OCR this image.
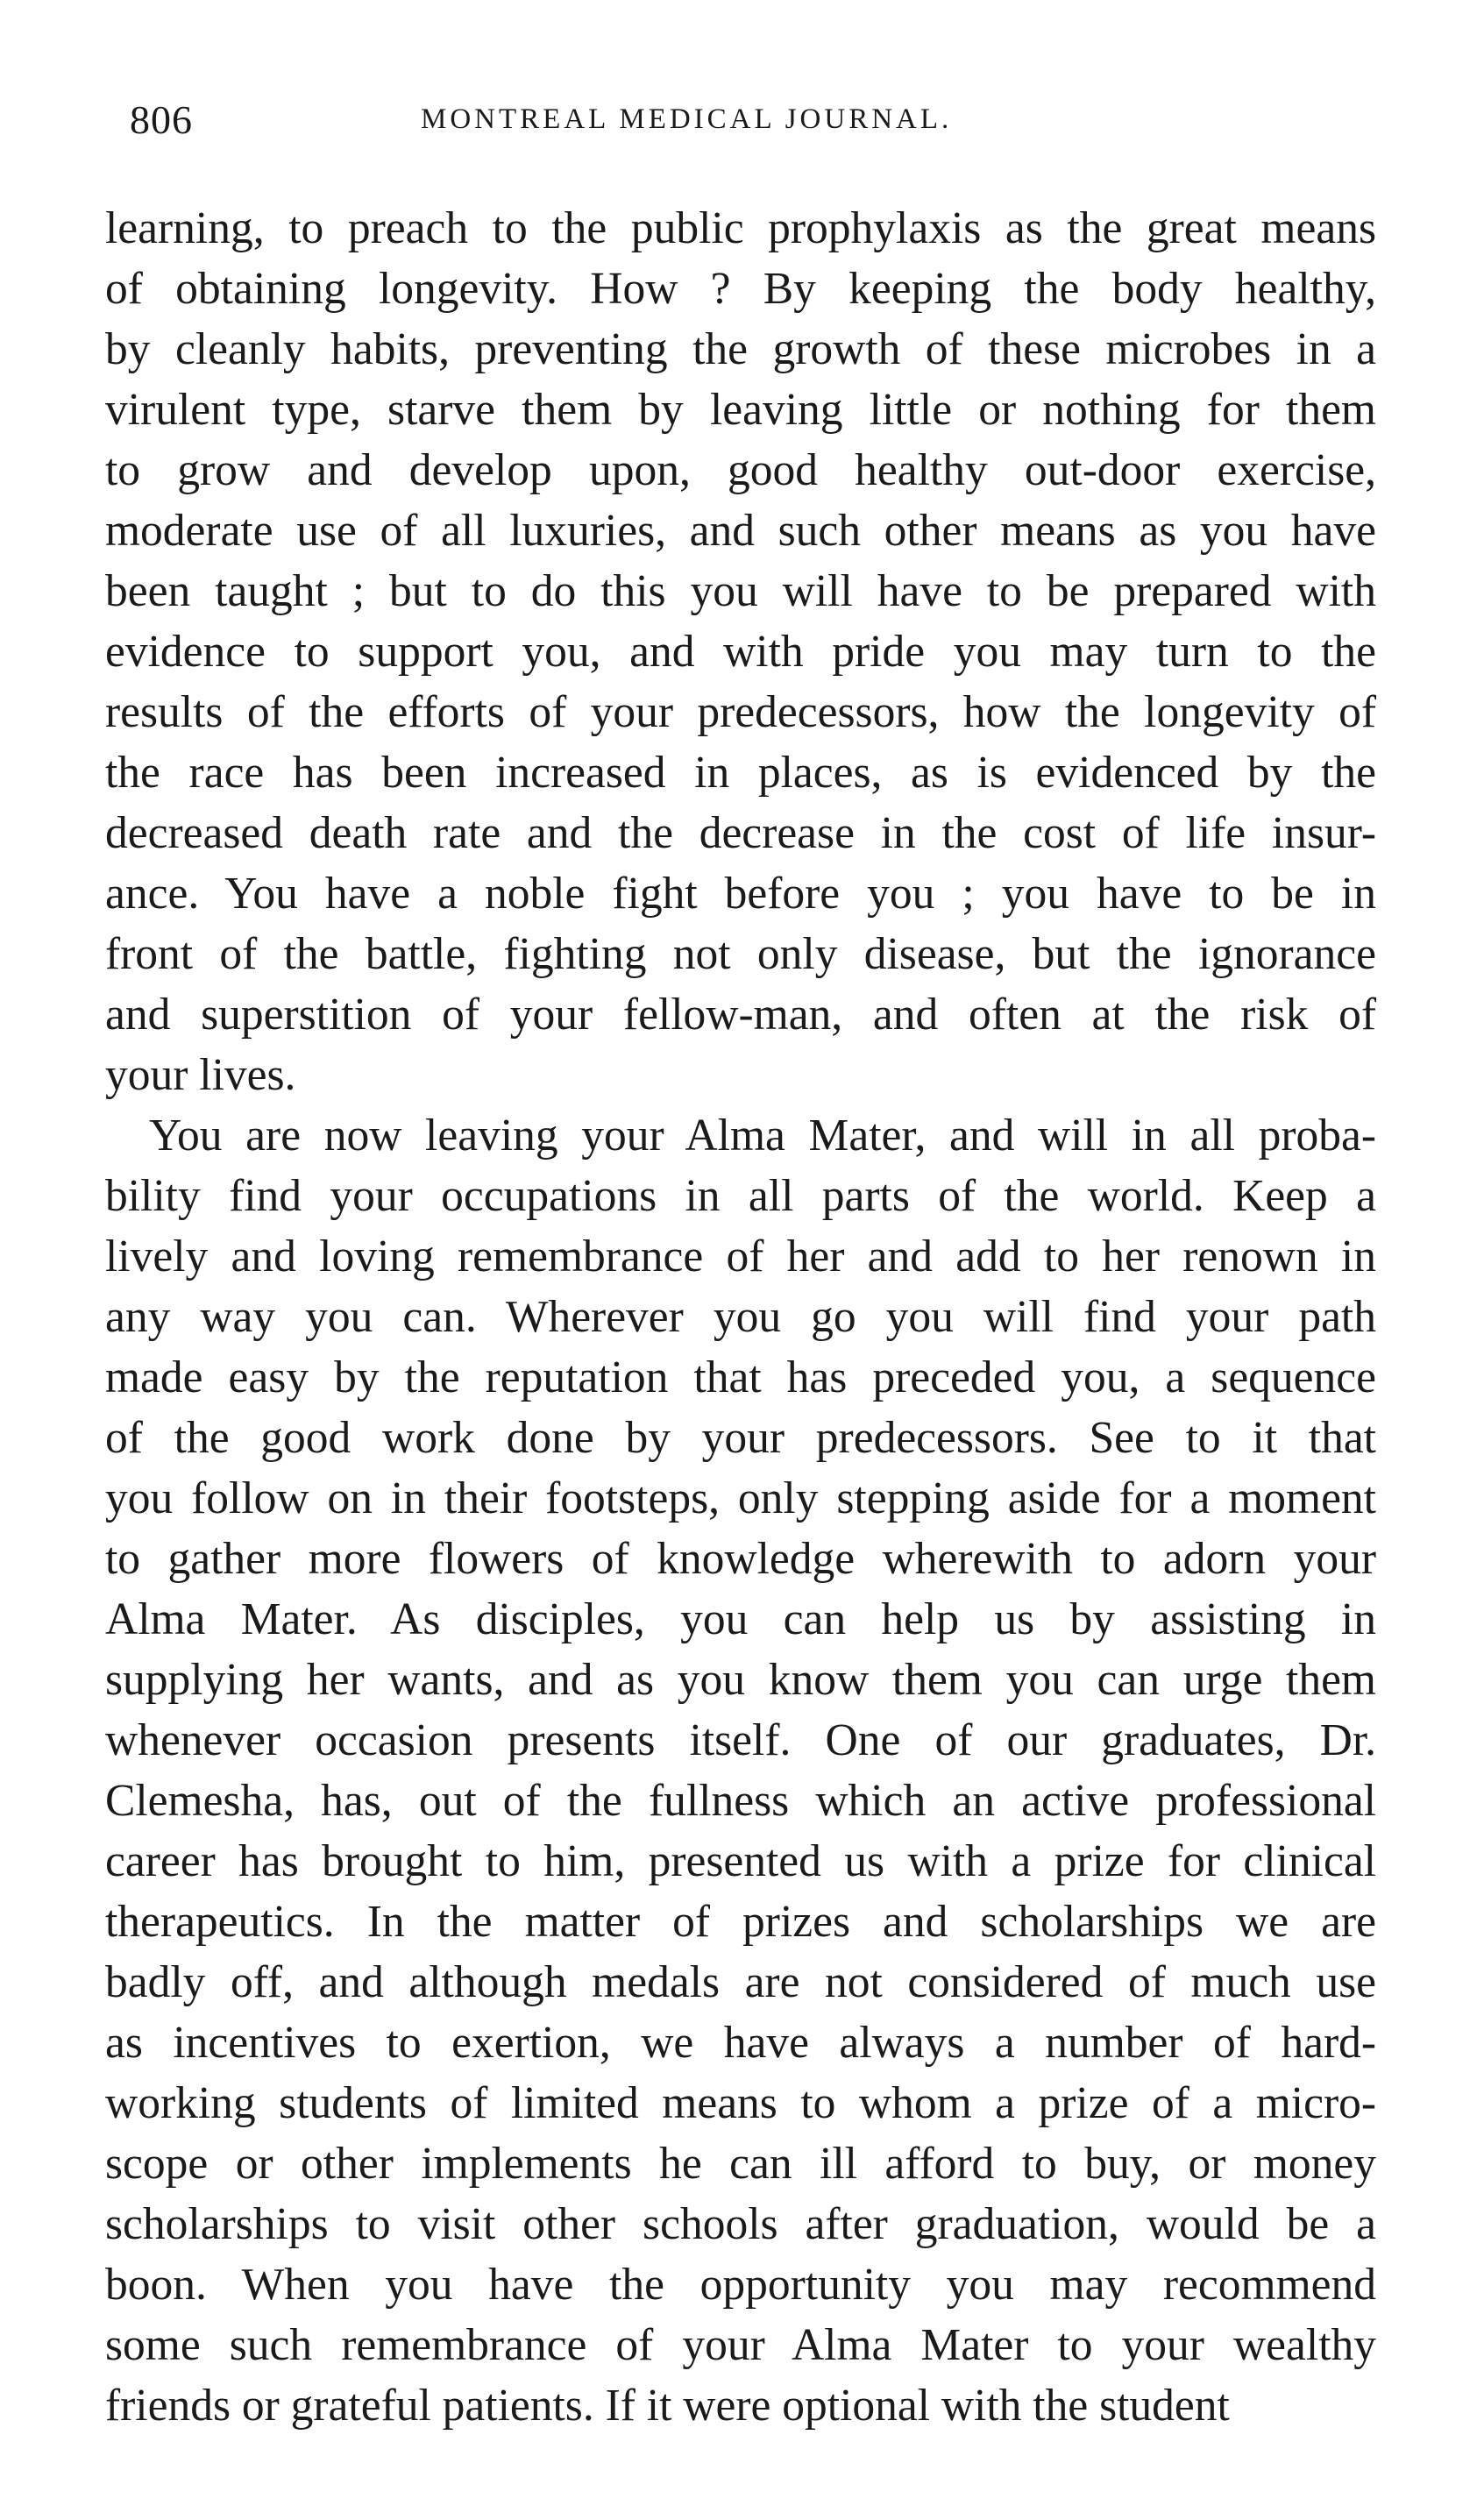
806	MONTREAL MEDICAL JOURNAL.
learning, to preach to the public prophylaxis as the great means
of obtaining longevity. How ? By keeping the body healthy,
by cleanly habits, preventing the growth of these microbes in a
virulent type, starve them by leaving little or nothing for them
to grow and develop upon, good healthy out-door exercise,
moderate use of all luxuries, and such other means as you have
been taught ; but to do this you will have to be prepared with
evidence to support you, and with pride you may turn to the
results of the efforts of your predecessors, how the longevity of
the race has been increased in places, as is evidenced by the
decreased death rate and the decrease in the cost of life insur-
ance. You have a noble fight before you ; you have to be in
front of the battle, fighting not only disease, but the ignorance
and superstition of your fellow-man, and often at the risk of
your lives.
You are now leaving your Alma Mater, and will in all proba-
bility find your occupations in all parts of the world. Keep a
lively and loving remembrance of her and add to her renown in
any way you can. Wherever you go you will find your path
made easy by the reputation that has preceded you, a sequence
of the good work done by your predecessors. See to it that
you follow on in their footsteps, only stepping aside for a moment
to gather more flowers of knowledge wherewith to adorn your
Alma Mater. As disciples, you can help us by assisting in
supplying her wants, and as you know them you can urge them
whenever occasion presents itself. One of our graduates, Dr.
Clemesha, has, out of the fullness which an active professional
career has brought to him, presented us with a prize for clinical
therapeutics. In the matter of prizes and scholarships we are
badly off, and although medals are not considered of much use
as incentives to exertion, we have always a number of hard-
working students of limited means to whom a prize of a micro-
scope or other implements he can ill afford to buy, or money
scholarships to visit other schools after graduation, would be a
boon. When you have the opportunity you may recommend
some such remembrance of your Alma Mater to your wealthy
friends or grateful patients. If it were optional with the student
